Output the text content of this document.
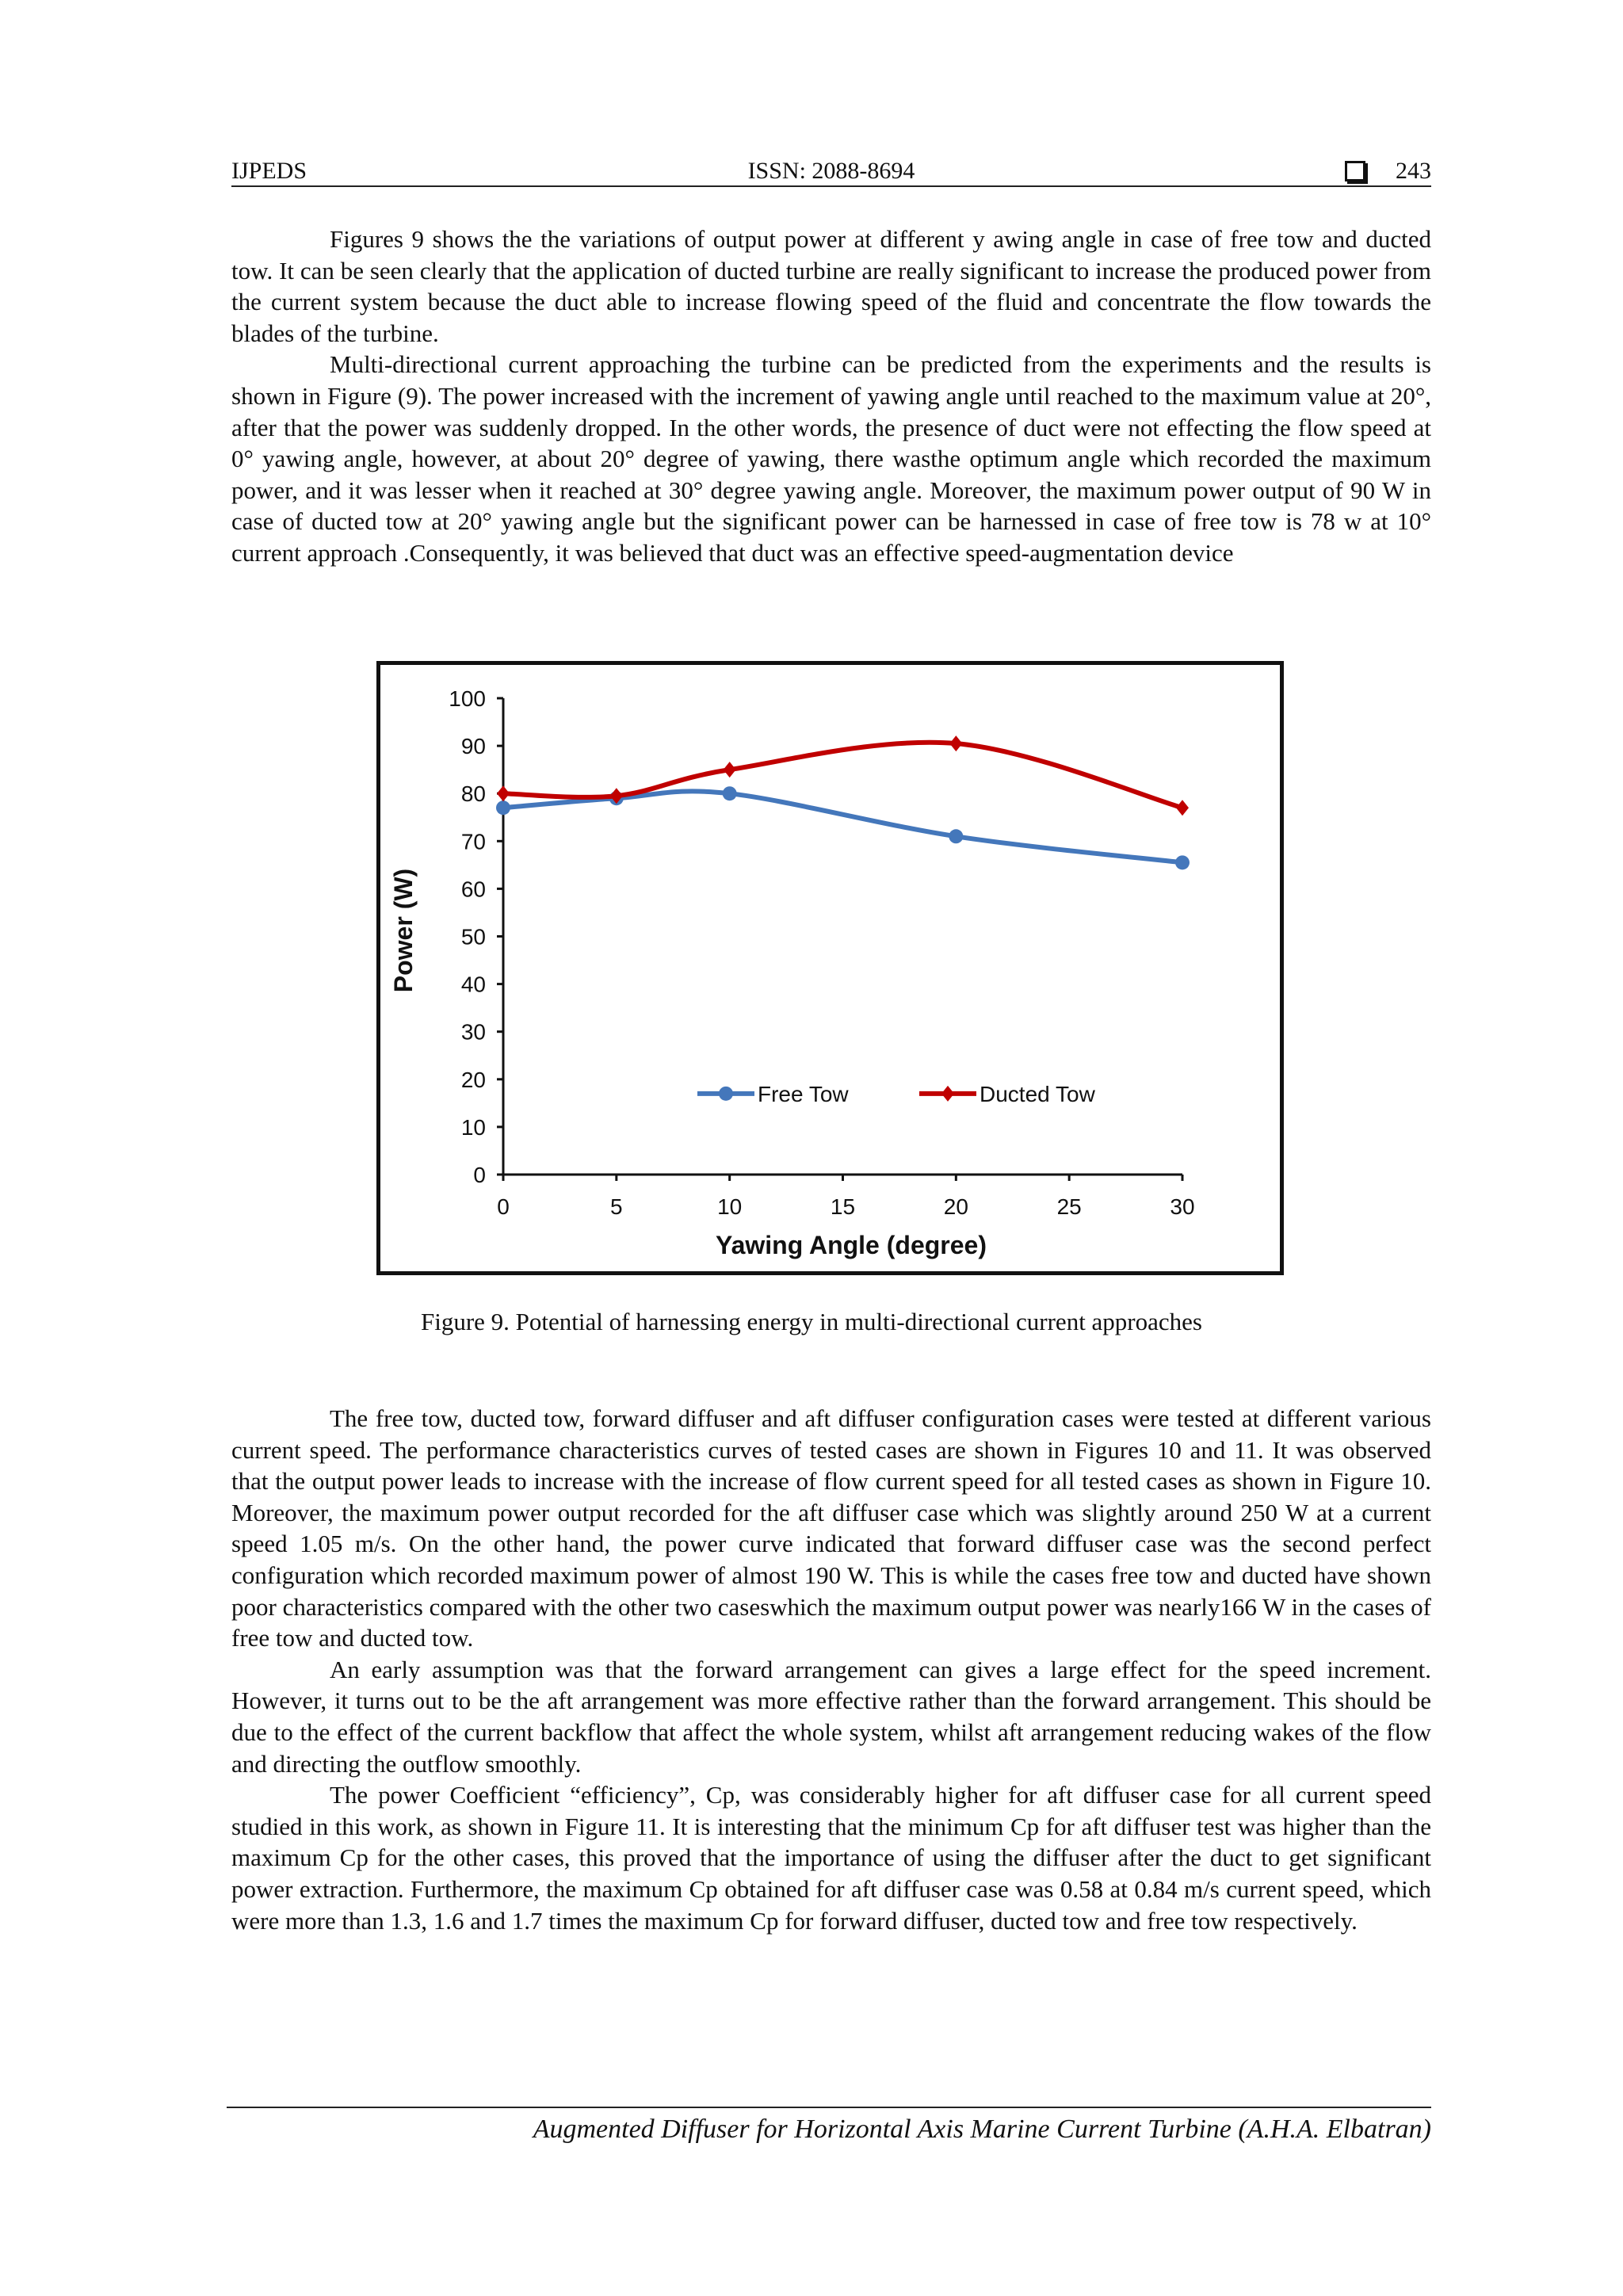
IJPEDS	ISSN: 2088-8694	243

Figures 9 shows the the variations of output power at different y awing angle in case of free tow and ducted tow. It can be seen clearly that the application of ducted turbine are really significant to increase the produced power from the current system because the duct able to increase flowing speed of the fluid and concentrate the flow towards the blades of the turbine.

Multi-directional current approaching the turbine can be predicted from the experiments and the results is shown in Figure (9). The power increased with the increment of yawing angle until reached to the maximum value at 20°, after that the power was suddenly dropped. In the other words, the presence of duct were not effecting the flow speed at 0° yawing angle, however, at about 20° degree of yawing, there wasthe optimum angle which recorded the maximum power, and it was lesser when it reached at 30° degree yawing angle. Moreover, the maximum power output of 90 W in case of ducted tow at 20° yawing angle but the significant power can be harnessed in case of free tow is 78 w at 10° current approach .Consequently, it was believed that duct was an effective speed-augmentation device

0
10
20
30
40
50
60
70
80
90
100
0	5	10	15	20	25	30
Power (W)
Yawing Angle (degree)
Free Tow	Ducted Tow
Figure 9. Potential of harnessing energy in multi-directional current approaches

The free tow, ducted tow, forward diffuser and aft diffuser configuration cases were tested at different various current speed. The performance characteristics curves of tested cases are shown in Figures 10 and 11. It was observed that the output power leads to increase with the increase of flow current speed for all tested cases as shown in Figure 10. Moreover, the maximum power output recorded for the aft diffuser case which was slightly around 250 W at a current speed 1.05 m/s. On the other hand, the power curve indicated that forward diffuser case was the second perfect configuration which recorded maximum power of almost 190 W. This is while the cases free tow and ducted have shown poor characteristics compared with the other two caseswhich the maximum output power was nearly166 W in the cases of free tow and ducted tow.

An early assumption was that the forward arrangement can gives a large effect for the speed increment. However, it turns out to be the aft arrangement was more effective rather than the forward arrangement. This should be due to the effect of the current backflow that affect the whole system, whilst aft arrangement reducing wakes of the flow and directing the outflow smoothly.

The power Coefficient “efficiency”, Cp, was considerably higher for aft diffuser case for all current speed studied in this work, as shown in Figure 11. It is interesting that the minimum Cp for aft diffuser test was higher than the maximum Cp for the other cases, this proved that the importance of using the diffuser after the duct to get significant power extraction. Furthermore, the maximum Cp obtained for aft diffuser case was 0.58 at 0.84 m/s current speed, which were more than 1.3, 1.6 and 1.7 times the maximum Cp for forward diffuser, ducted tow and free tow respectively.

Augmented Diffuser for Horizontal Axis Marine Current Turbine (A.H.A. Elbatran)
